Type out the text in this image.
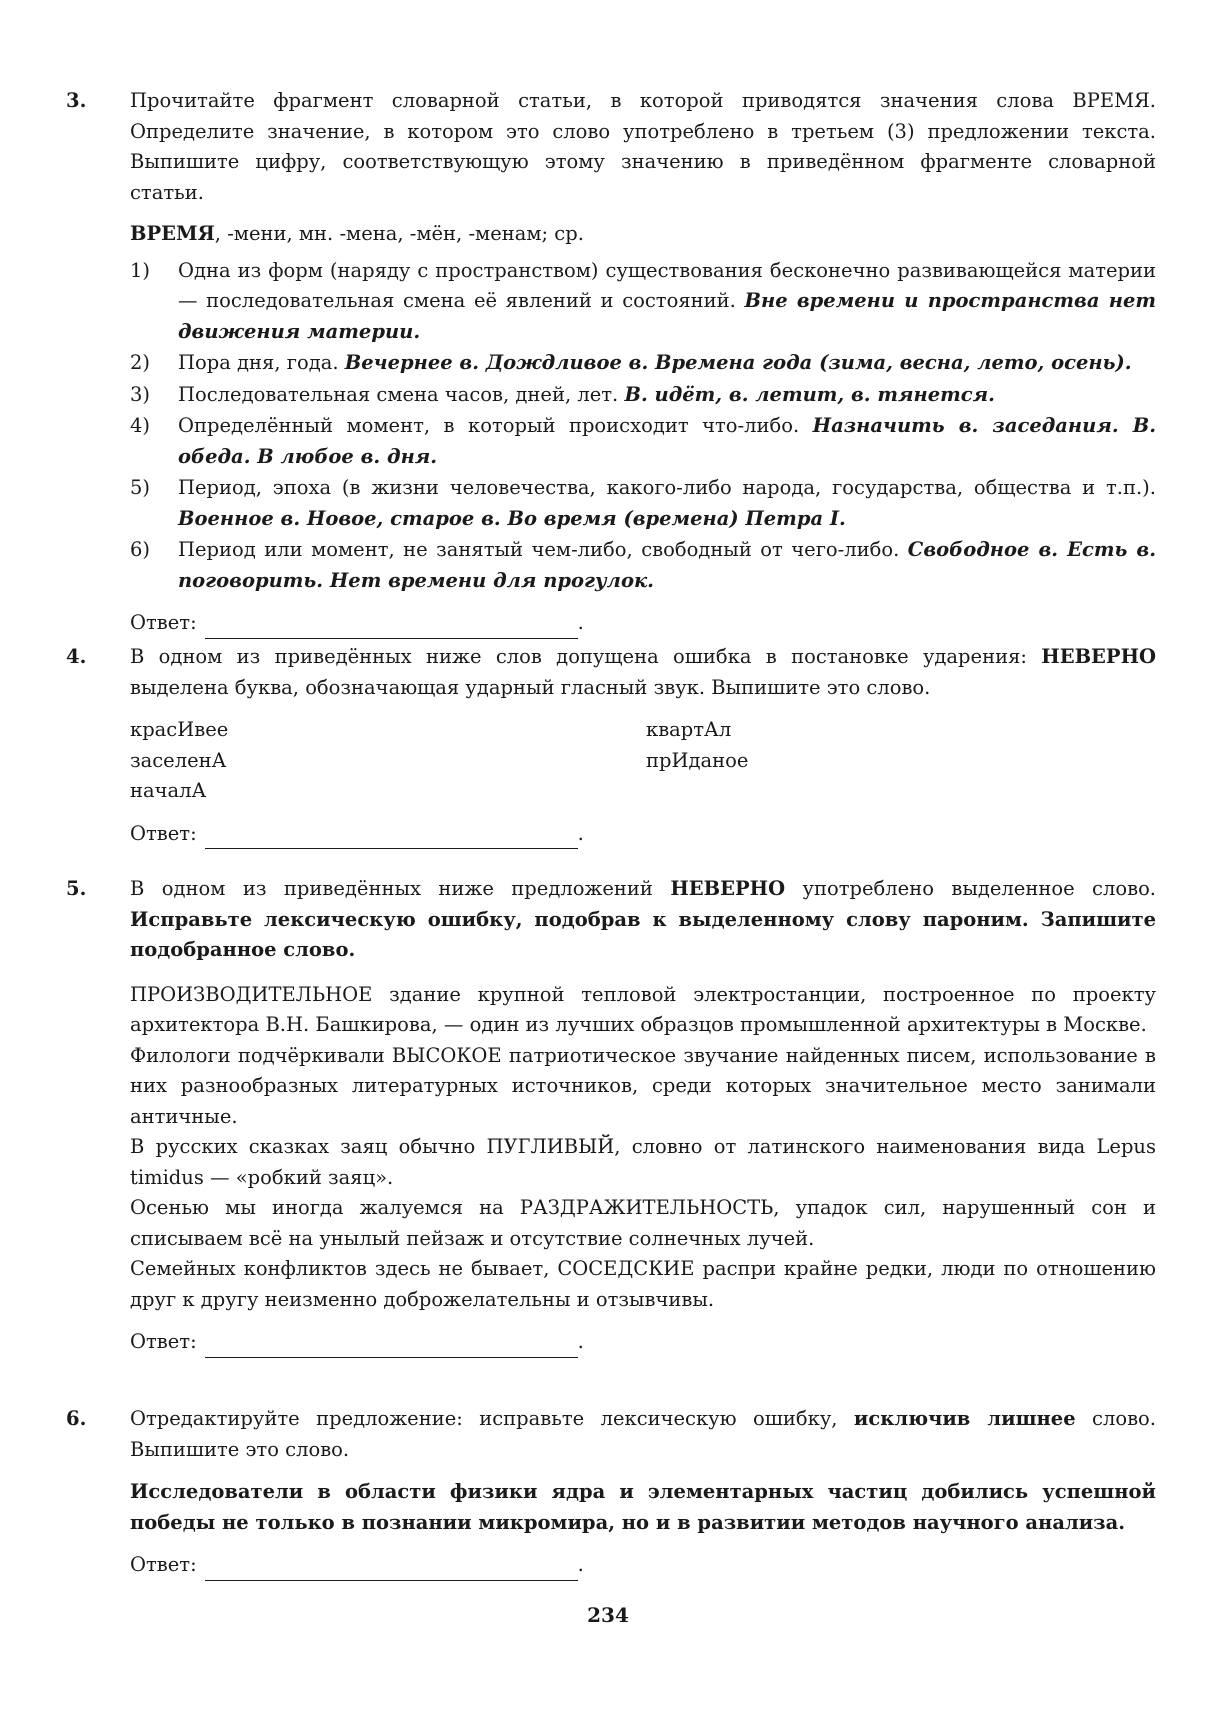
3. Прочитайте фрагмент словарной статьи, в которой приводятся значения слова ВРЕМЯ. Определите значение, в котором это слово употреблено в третьем (3) предложении текста. Выпишите цифру, соответствующую этому значению в приведённом фрагменте словарной статьи.

ВРЕМЯ, -мени, мн. -мена, -мён, -менам; ср.

1) Одна из форм (наряду с пространством) существования бесконечно развивающейся материи — последовательная смена её явлений и состояний. Вне времени и пространства нет движения материи.
2) Пора дня, года. Вечернее в. Дождливое в. Времена года (зима, весна, лето, осень).
3) Последовательная смена часов, дней, лет. В. идёт, в. летит, в. тянется.
4) Определённый момент, в который происходит что-либо. Назначить в. заседания. В. обеда. В любое в. дня.
5) Период, эпоха (в жизни человечества, какого-либо народа, государства, общества и т.п.). Военное в. Новое, старое в. Во время (времена) Петра I.
6) Период или момент, не занятый чем-либо, свободный от чего-либо. Свободное в. Есть в. поговорить. Нет времени для прогулок.
Ответ:	.
4. В одном из приведённых ниже слов допущена ошибка в постановке ударения: НЕВЕРНО выделена буква, обозначающая ударный гласный звук. Выпишите это слово.

красИвее	квартАл
заселенА	прИданое
началА
Ответ:	.
5. В одном из приведённых ниже предложений НЕВЕРНО употреблено выделенное слово. Исправьте лексическую ошибку, подобрав к выделенному слову пароним. Запишите подобранное слово.

ПРОИЗВОДИТЕЛЬНОЕ здание крупной тепловой электростанции, построенное по проекту архитектора В.Н. Башкирова, — один из лучших образцов промышленной архитектуры в Москве.

Филологи подчёркивали ВЫСОКОЕ патриотическое звучание найденных писем, использование в них разнообразных литературных источников, среди которых значительное место занимали античные.

В русских сказках заяц обычно ПУГЛИВЫЙ, словно от латинского наименования вида Lepus timidus — «робкий заяц».

Осенью мы иногда жалуемся на РАЗДРАЖИТЕЛЬНОСТЬ, упадок сил, нарушенный сон и списываем всё на унылый пейзаж и отсутствие солнечных лучей.

Семейных конфликтов здесь не бывает, СОСЕДСКИЕ распри крайне редки, люди по отношению друг к другу неизменно доброжелательны и отзывчивы.

Ответ:	.
6. Отредактируйте предложение: исправьте лексическую ошибку, исключив лишнее слово. Выпишите это слово.

Исследователи в области физики ядра и элементарных частиц добились успешной победы не только в познании микромира, но и в развитии методов научного анализа.

Ответ:	.
234
